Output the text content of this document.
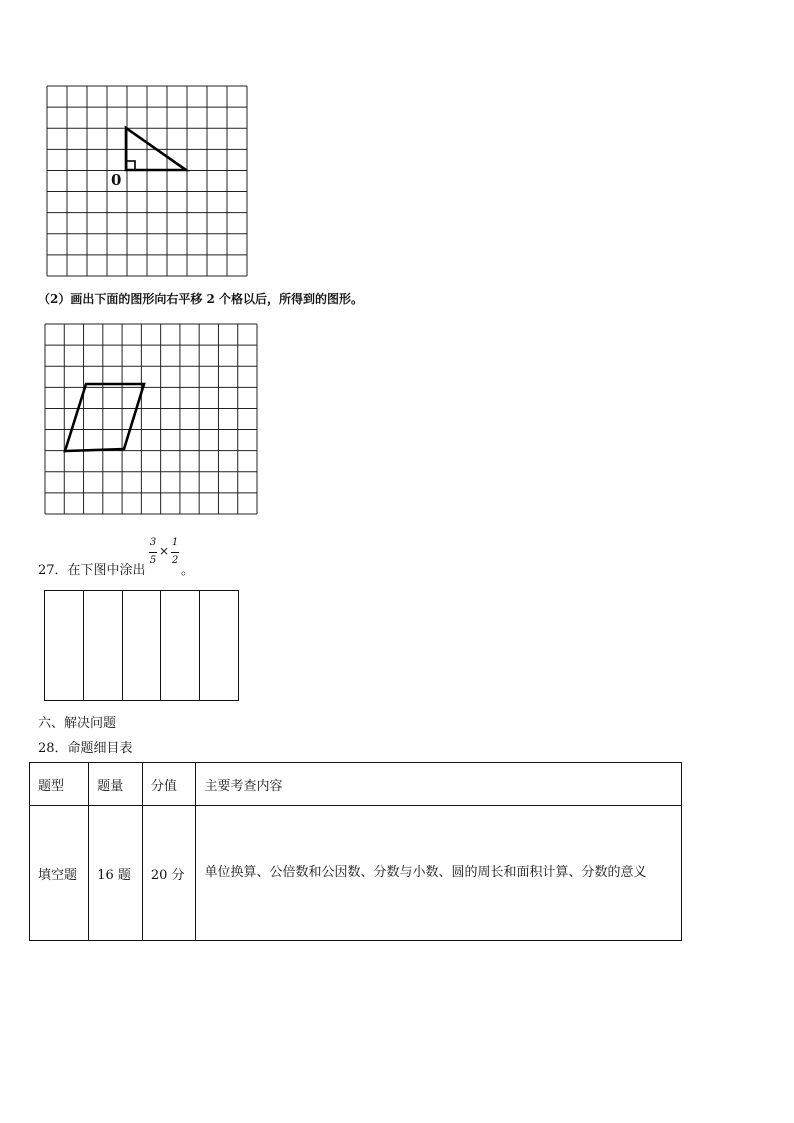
0
（2）画出下面的图形向右平移 2 个格以后，所得到的图形。
27．在下图中涂出
3
5
×
1
2
。
六、解决问题
28．命题细目表
题型	题量	分值	主要考查内容
填空题	16 题	20 分	单位换算、公倍数和公因数、分数与小数、圆的周长和面积计算、分数的意义
